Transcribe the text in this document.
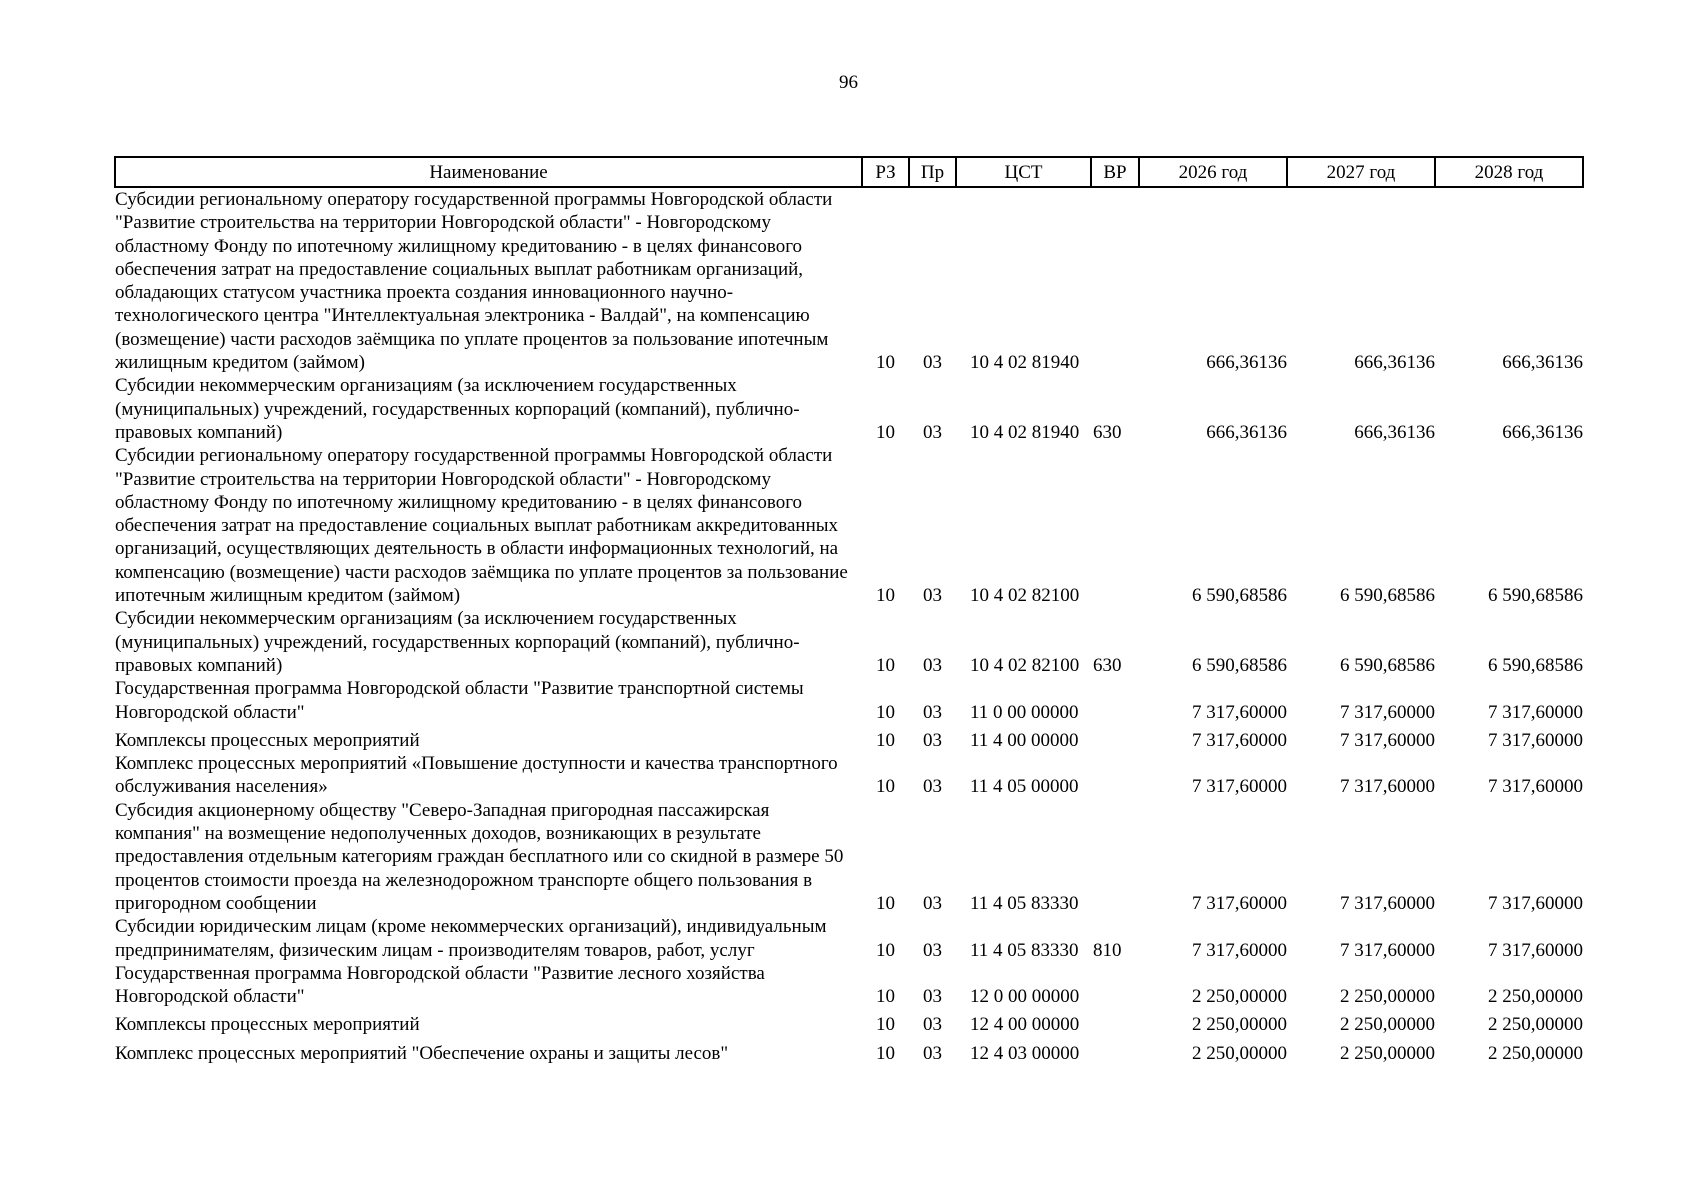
96
Наименование	РЗ	Пр	ЦСТ	ВР	2026 год	2027 год	2028 год
Субсидии региональному оператору государственной программы Новгородской области "Развитие строительства на территории Новгородской области" - Новгородскому областному Фонду по ипотечному жилищному кредитованию - в целях финансового обеспечения затрат на предоставление социальных выплат работникам организаций, обладающих статусом участника проекта создания инновационного научно-технологического центра "Интеллектуальная электроника - Валдай", на компенсацию (возмещение) части расходов заёмщика по уплате процентов за пользование ипотечным жилищным кредитом (займом)	10	03	10 4 02 81940		666,36136	666,36136	666,36136
Субсидии некоммерческим организациям (за исключением государственных (муниципальных) учреждений, государственных корпораций (компаний), публично-правовых компаний)	10	03	10 4 02 81940	630	666,36136	666,36136	666,36136
Субсидии региональному оператору государственной программы Новгородской области "Развитие строительства на территории Новгородской области" - Новгородскому областному Фонду по ипотечному жилищному кредитованию - в целях финансового обеспечения затрат на предоставление социальных выплат работникам аккредитованных организаций, осуществляющих деятельность в области информационных технологий, на компенсацию (возмещение) части расходов заёмщика по уплате процентов за пользование ипотечным жилищным кредитом (займом)	10	03	10 4 02 82100		6 590,68586	6 590,68586	6 590,68586
Субсидии некоммерческим организациям (за исключением государственных (муниципальных) учреждений, государственных корпораций (компаний), публично-правовых компаний)	10	03	10 4 02 82100	630	6 590,68586	6 590,68586	6 590,68586
Государственная программа Новгородской области "Развитие транспортной системы Новгородской области"	10	03	11 0 00 00000		7 317,60000	7 317,60000	7 317,60000
Комплексы процессных мероприятий	10	03	11 4 00 00000		7 317,60000	7 317,60000	7 317,60000
Комплекс процессных мероприятий «Повышение доступности и качества транспортного обслуживания населения»	10	03	11 4 05 00000		7 317,60000	7 317,60000	7 317,60000
Субсидия акционерному обществу "Северо-Западная пригородная пассажирская компания" на возмещение недополученных доходов, возникающих в результате предоставления отдельным категориям граждан бесплатного или со скидной в размере 50 процентов стоимости проезда на железнодорожном транспорте общего пользования в пригородном сообщении	10	03	11 4 05 83330		7 317,60000	7 317,60000	7 317,60000
Субсидии юридическим лицам (кроме некоммерческих организаций), индивидуальным предпринимателям, физическим лицам - производителям товаров, работ, услуг	10	03	11 4 05 83330	810	7 317,60000	7 317,60000	7 317,60000
Государственная программа Новгородской области "Развитие лесного хозяйства Новгородской области"	10	03	12 0 00 00000		2 250,00000	2 250,00000	2 250,00000
Комплексы процессных мероприятий	10	03	12 4 00 00000		2 250,00000	2 250,00000	2 250,00000
Комплекс процессных мероприятий "Обеспечение охраны и защиты лесов"	10	03	12 4 03 00000		2 250,00000	2 250,00000	2 250,00000
